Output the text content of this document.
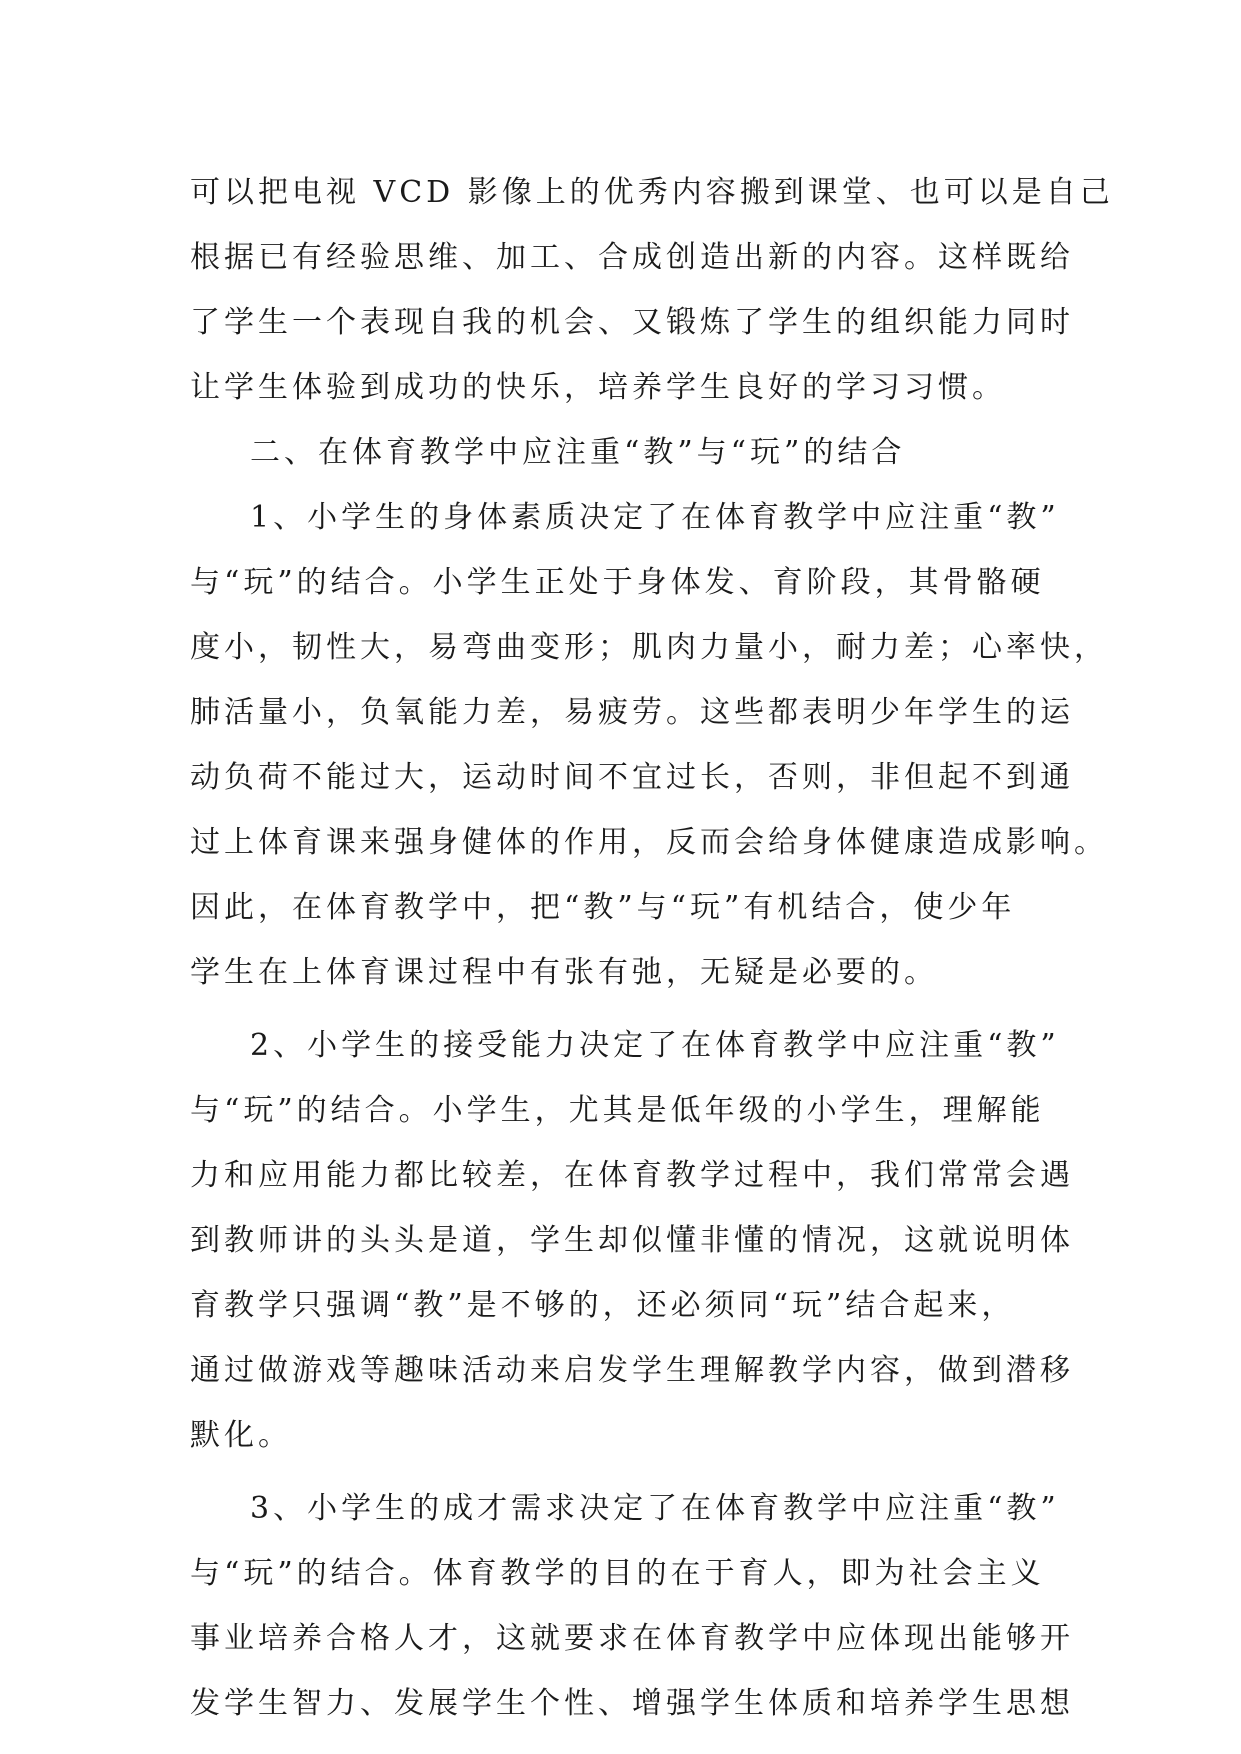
可以把电视 VCD 影像上的优秀内容搬到课堂、也可以是自己
根据已有经验思维、加工、合成创造出新的内容。这样既给
了学生一个表现自我的机会、又锻炼了学生的组织能力同时
让学生体验到成功的快乐，培养学生良好的学习习惯。
二、在体育教学中应注重“教”与“玩”的结合
1、小学生的身体素质决定了在体育教学中应注重“教”
与“玩”的结合。小学生正处于身体发、育阶段，其骨骼硬
度小，韧性大，易弯曲变形；肌肉力量小，耐力差；心率快，
肺活量小，负氧能力差，易疲劳。这些都表明少年学生的运
动负荷不能过大，运动时间不宜过长，否则，非但起不到通
过上体育课来强身健体的作用，反而会给身体健康造成影响。
因此，在体育教学中，把“教”与“玩”有机结合，使少年
学生在上体育课过程中有张有弛，无疑是必要的。
2、小学生的接受能力决定了在体育教学中应注重“教”
与“玩”的结合。小学生，尤其是低年级的小学生，理解能
力和应用能力都比较差，在体育教学过程中，我们常常会遇
到教师讲的头头是道，学生却似懂非懂的情况，这就说明体
育教学只强调“教”是不够的，还必须同“玩”结合起来，
通过做游戏等趣味活动来启发学生理解教学内容，做到潜移
默化。
3、小学生的成才需求决定了在体育教学中应注重“教”
与“玩”的结合。体育教学的目的在于育人，即为社会主义
事业培养合格人才，这就要求在体育教学中应体现出能够开
发学生智力、发展学生个性、增强学生体质和培养学生思想
